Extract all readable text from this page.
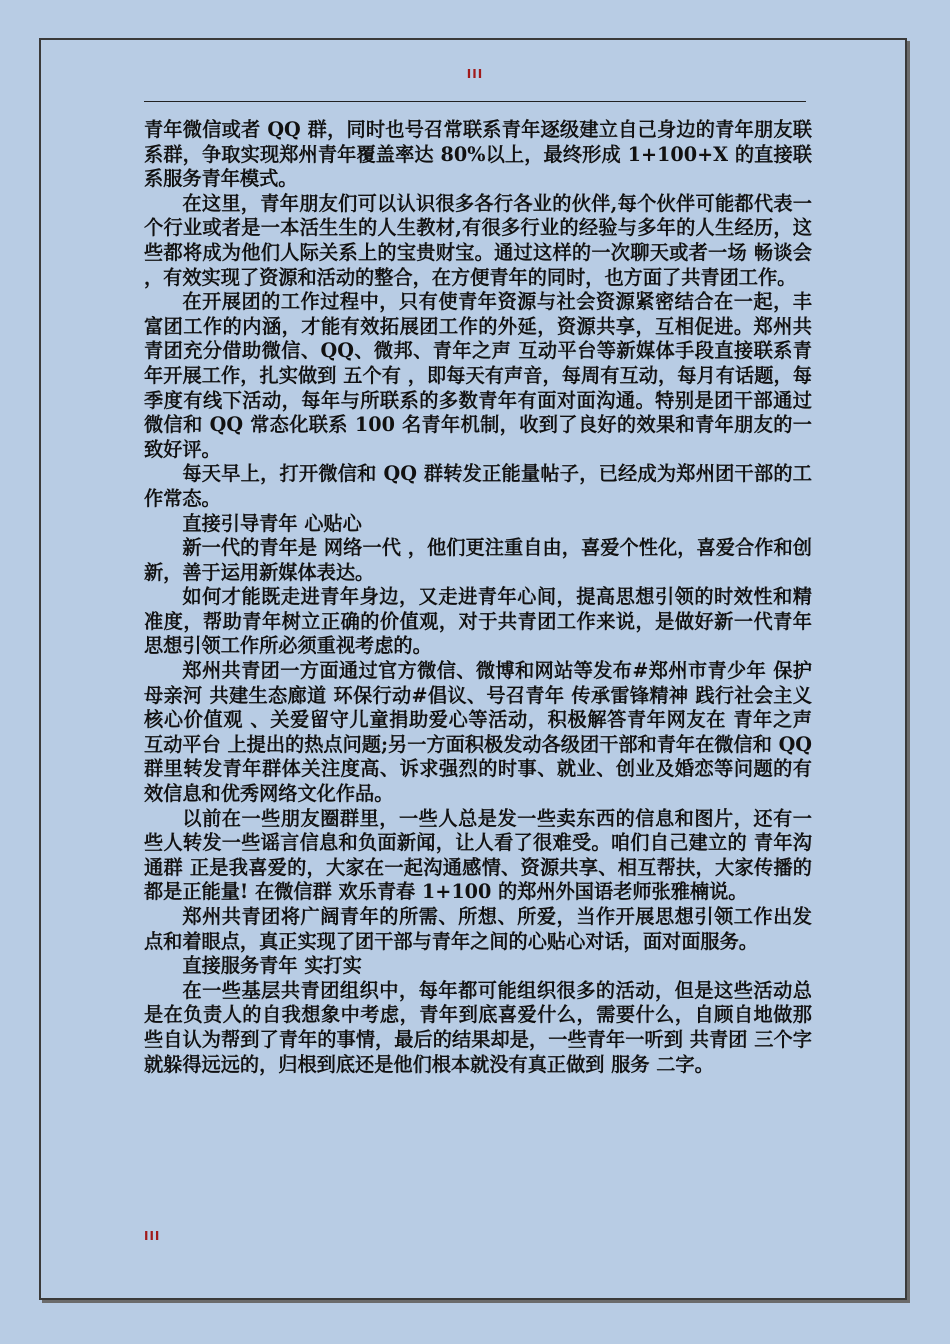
III

青年微信或者 QQ 群，同时也号召常联系青年逐级建立自己身边的青年朋友联系群，争取实现郑州青年覆盖率达 80%以上，最终形成 1+100+X 的直接联系服务青年模式。

在这里，青年朋友们可以认识很多各行各业的伙伴,每个伙伴可能都代表一个行业或者是一本活生生的人生教材,有很多行业的经验与多年的人生经历，这些都将成为他们人际关系上的宝贵财宝。通过这样的一次聊天或者一场 畅谈会 ，有效实现了资源和活动的整合，在方便青年的同时，也方面了共青团工作。

在开展团的工作过程中，只有使青年资源与社会资源紧密结合在一起，丰富团工作的内涵，才能有效拓展团工作的外延，资源共享，互相促进。郑州共青团充分借助微信、QQ、微邦、青年之声 互动平台等新媒体手段直接联系青年开展工作，扎实做到 五个有 ，即每天有声音，每周有互动，每月有话题，每季度有线下活动，每年与所联系的多数青年有面对面沟通。特别是团干部通过微信和 QQ 常态化联系 100 名青年机制，收到了良好的效果和青年朋友的一致好评。

每天早上，打开微信和 QQ 群转发正能量帖子，已经成为郑州团干部的工作常态。

直接引导青年 心贴心

新一代的青年是 网络一代 ，他们更注重自由，喜爱个性化，喜爱合作和创新，善于运用新媒体表达。

如何才能既走进青年身边，又走进青年心间，提高思想引领的时效性和精准度，帮助青年树立正确的价值观，对于共青团工作来说，是做好新一代青年思想引领工作所必须重视考虑的。

郑州共青团一方面通过官方微信、微博和网站等发布#郑州市青少年 保护母亲河 共建生态廊道 环保行动#倡议、号召青年 传承雷锋精神 践行社会主义核心价值观 、关爱留守儿童捐助爱心等活动，积极解答青年网友在 青年之声 互动平台 上提出的热点问题;另一方面积极发动各级团干部和青年在微信和 QQ 群里转发青年群体关注度高、诉求强烈的时事、就业、创业及婚恋等问题的有效信息和优秀网络文化作品。

以前在一些朋友圈群里，一些人总是发一些卖东西的信息和图片，还有一些人转发一些谣言信息和负面新闻，让人看了很难受。咱们自己建立的 青年沟通群 正是我喜爱的，大家在一起沟通感情、资源共享、相互帮扶，大家传播的都是正能量! 在微信群 欢乐青春 1+100 的郑州外国语老师张雅楠说。

郑州共青团将广阔青年的所需、所想、所爱，当作开展思想引领工作出发点和着眼点，真正实现了团干部与青年之间的心贴心对话，面对面服务。

直接服务青年 实打实

在一些基层共青团组织中，每年都可能组织很多的活动，但是这些活动总是在负责人的自我想象中考虑，青年到底喜爱什么，需要什么，自顾自地做那些自认为帮到了青年的事情，最后的结果却是，一些青年一听到 共青团 三个字就躲得远远的，归根到底还是他们根本就没有真正做到 服务 二字。

III
